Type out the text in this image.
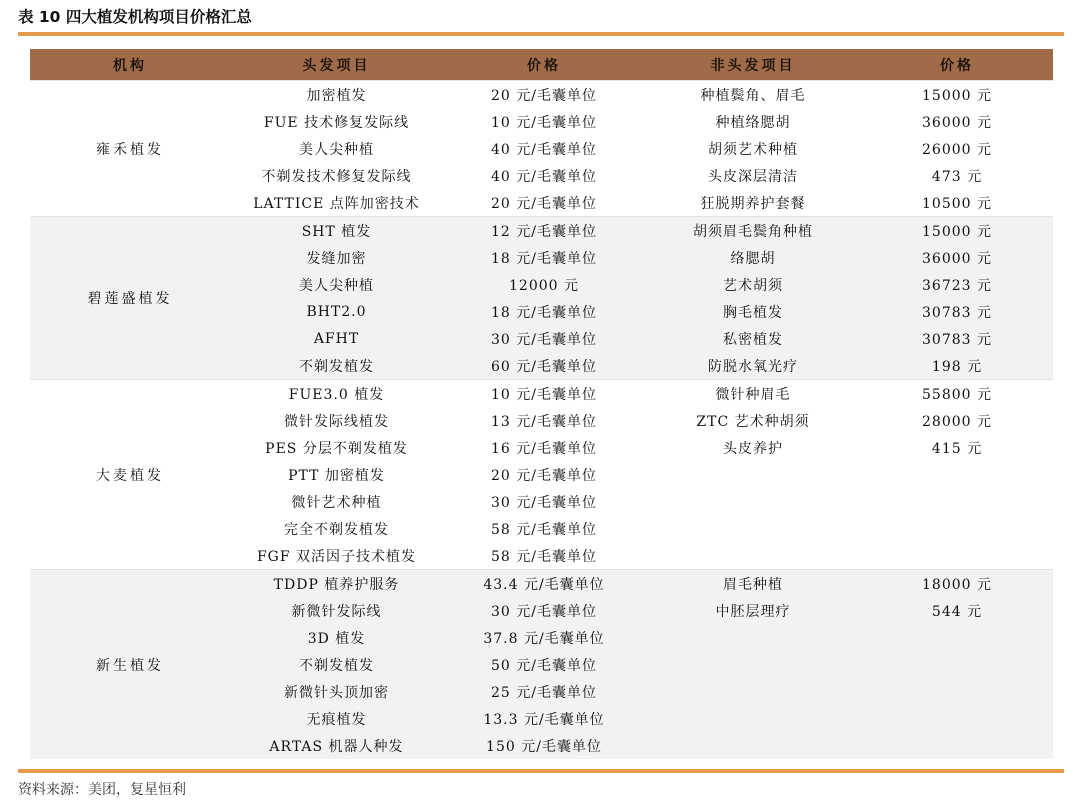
表 10 四大植发机构项目价格汇总
机构	头发项目	价格	非头发项目	价格
雍禾植发	加密植发	20 元/毛囊单位	种植鬓角、眉毛	15000 元
	FUE 技术修复发际线	10 元/毛囊单位	种植络腮胡	36000 元
	美人尖种植	40 元/毛囊单位	胡须艺术种植	26000 元
	不剃发技术修复发际线	40 元/毛囊单位	头皮深层清洁	473 元
	LATTICE 点阵加密技术	20 元/毛囊单位	狂脱期养护套餐	10500 元
碧莲盛植发	SHT 植发	12 元/毛囊单位	胡须眉毛鬓角种植	15000 元
	发缝加密	18 元/毛囊单位	络腮胡	36000 元
	美人尖种植	12000 元	艺术胡须	36723 元
	BHT2.0	18 元/毛囊单位	胸毛植发	30783 元
	AFHT	30 元/毛囊单位	私密植发	30783 元
	不剃发植发	60 元/毛囊单位	防脱水氧光疗	198 元
大麦植发	FUE3.0 植发	10 元/毛囊单位	微针种眉毛	55800 元
	微针发际线植发	13 元/毛囊单位	ZTC 艺术种胡须	28000 元
	PES 分层不剃发植发	16 元/毛囊单位	头皮养护	415 元
	PTT 加密植发	20 元/毛囊单位		
	微针艺术种植	30 元/毛囊单位		
	完全不剃发植发	58 元/毛囊单位		
	FGF 双活因子技术植发	58 元/毛囊单位		
新生植发	TDDP 植养护服务	43.4 元/毛囊单位	眉毛种植	18000 元
	新微针发际线	30 元/毛囊单位	中胚层理疗	544 元
	3D 植发	37.8 元/毛囊单位		
	不剃发植发	50 元/毛囊单位		
	新微针头顶加密	25 元/毛囊单位		
	无痕植发	13.3 元/毛囊单位		
	ARTAS 机器人种发	150 元/毛囊单位		
资料来源：美团，复星恒利
